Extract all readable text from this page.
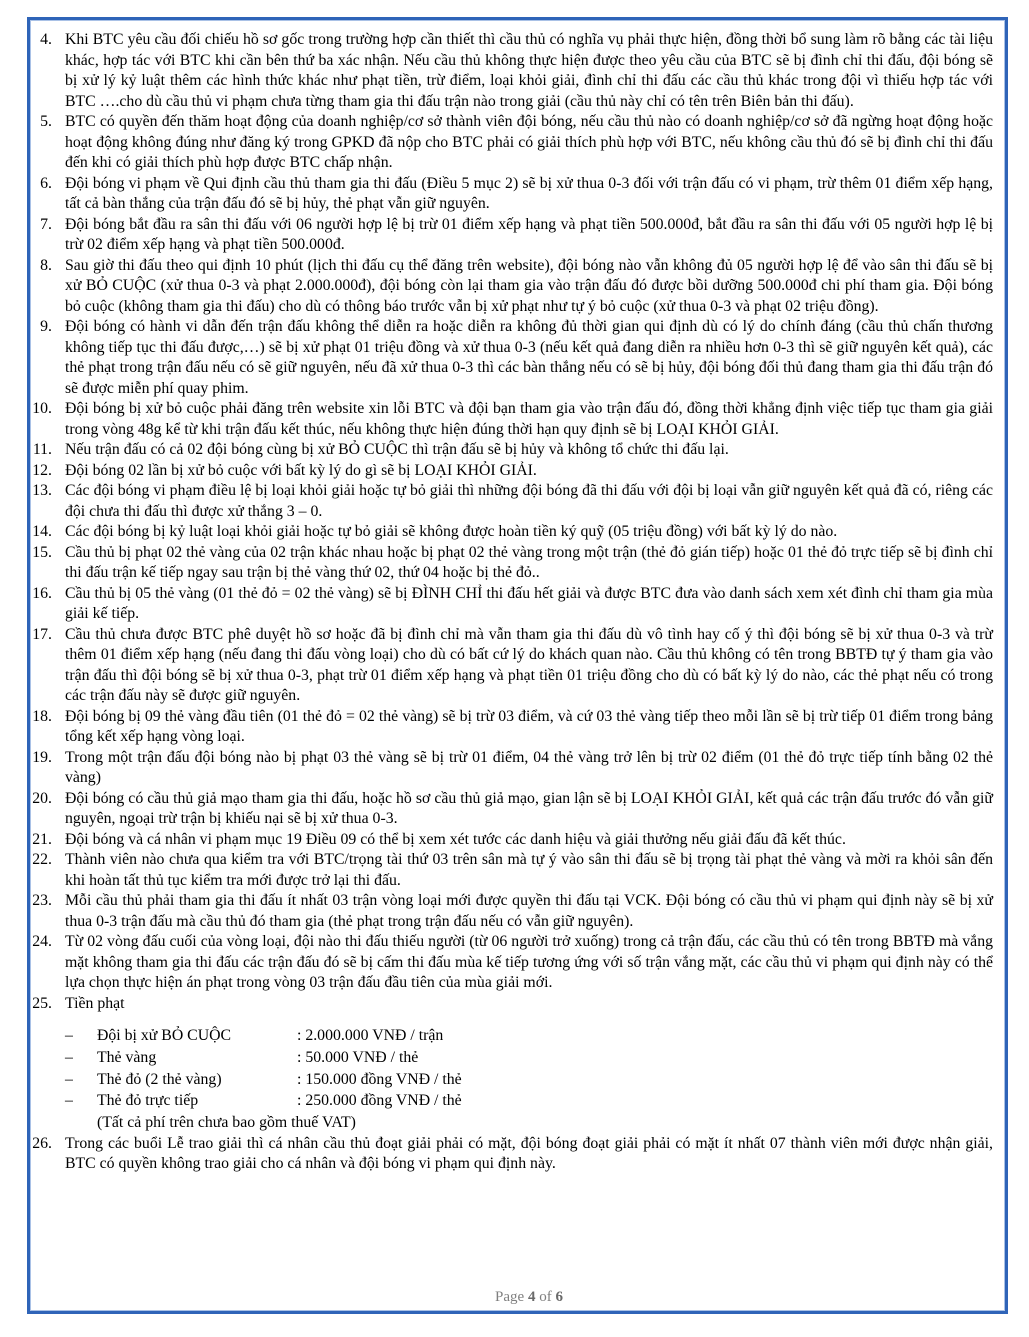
4. Khi BTC yêu cầu đối chiếu hồ sơ gốc trong trường hợp cần thiết thì cầu thủ có nghĩa vụ phải thực hiện, đồng thời bổ sung làm rõ bằng các tài liệu khác, hợp tác với BTC khi cần bên thứ ba xác nhận. Nếu cầu thủ không thực hiện được theo yêu cầu của BTC sẽ bị đình chỉ thi đấu, đội bóng sẽ bị xử lý kỷ luật thêm các hình thức khác như phạt tiền, trừ điểm, loại khỏi giải, đình chỉ thi đấu các cầu thủ khác trong đội vì thiếu hợp tác với BTC ….cho dù cầu thủ vi phạm chưa từng tham gia thi đấu trận nào trong giải (cầu thủ này chỉ có tên trên Biên bản thi đấu).
5. BTC có quyền đến thăm hoạt động của doanh nghiệp/cơ sở thành viên đội bóng, nếu cầu thủ nào có doanh nghiệp/cơ sở đã ngừng hoạt động hoặc hoạt động không đúng như đăng ký trong GPKD đã nộp cho BTC phải có giải thích phù hợp với BTC, nếu không cầu thủ đó sẽ bị đình chỉ thi đấu đến khi có giải thích phù hợp được BTC chấp nhận.
6. Đội bóng vi phạm về Qui định cầu thủ tham gia thi đấu (Điều 5 mục 2) sẽ bị xử thua 0-3 đối với trận đấu có vi phạm, trừ thêm 01 điểm xếp hạng, tất cả bàn thắng của trận đấu đó sẽ bị hủy, thẻ phạt vẫn giữ nguyên.
7. Đội bóng bắt đầu ra sân thi đấu với 06 người hợp lệ bị trừ 01 điểm xếp hạng và phạt tiền 500.000đ, bắt đầu ra sân thi đấu với 05 người hợp lệ bị trừ 02 điểm xếp hạng và phạt tiền 500.000đ.
8. Sau giờ thi đấu theo qui định 10 phút (lịch thi đấu cụ thể đăng trên website), đội bóng nào vẫn không đủ 05 người hợp lệ để vào sân thi đấu sẽ bị xử BỎ CUỘC (xử thua 0-3 và phạt 2.000.000đ), đội bóng còn lại tham gia vào trận đấu đó được bồi dưỡng 500.000đ chi phí tham gia. Đội bóng bỏ cuộc (không tham gia thi đấu) cho dù có thông báo trước vẫn bị xử phạt như tự ý bỏ cuộc (xử thua 0-3 và phạt 02 triệu đồng).
9. Đội bóng có hành vi dẫn đến trận đấu không thể diễn ra hoặc diễn ra không đủ thời gian qui định dù có lý do chính đáng (cầu thủ chấn thương không tiếp tục thi đấu được,…) sẽ bị xử phạt 01 triệu đồng và xử thua 0-3 (nếu kết quả đang diễn ra nhiều hơn 0-3 thì sẽ giữ nguyên kết quả), các thẻ phạt trong trận đấu nếu có sẽ giữ nguyên, nếu đã xử thua 0-3 thì các bàn thắng nếu có sẽ bị hủy, đội bóng đối thủ đang tham gia thi đấu trận đó sẽ được miễn phí quay phim.
10. Đội bóng bị xử bỏ cuộc phải đăng trên website xin lỗi BTC và đội bạn tham gia vào trận đấu đó, đồng thời khẳng định việc tiếp tục tham gia giải trong vòng 48g kể từ khi trận đấu kết thúc, nếu không thực hiện đúng thời hạn quy định sẽ bị LOẠI KHỎI GIẢI.
11. Nếu trận đấu có cả 02 đội bóng cùng bị xử BỎ CUỘC thì trận đấu sẽ bị hủy và không tổ chức thi đấu lại.
12. Đội bóng 02 lần bị xử bỏ cuộc với bất kỳ lý do gì sẽ bị LOẠI KHỎI GIẢI.
13. Các đội bóng vi phạm điều lệ bị loại khỏi giải hoặc tự bỏ giải thì những đội bóng đã thi đấu với đội bị loại vẫn giữ nguyên kết quả đã có, riêng các đội chưa thi đấu thì được xử thắng 3 – 0.
14. Các đội bóng bị kỷ luật loại khỏi giải hoặc tự bỏ giải sẽ không được hoàn tiền ký quỹ (05 triệu đồng) với bất kỳ lý do nào.
15. Cầu thủ bị phạt 02 thẻ vàng của 02 trận khác nhau hoặc bị phạt 02 thẻ vàng trong một trận (thẻ đỏ gián tiếp) hoặc 01 thẻ đỏ trực tiếp sẽ bị đình chỉ thi đấu trận kế tiếp ngay sau trận bị thẻ vàng thứ 02, thứ 04 hoặc bị thẻ đỏ..
16. Cầu thủ bị 05 thẻ vàng (01 thẻ đỏ = 02 thẻ vàng) sẽ bị ĐÌNH CHỈ thi đấu hết giải và được BTC đưa vào danh sách xem xét đình chỉ tham gia mùa giải kế tiếp.
17. Cầu thủ chưa được BTC phê duyệt hồ sơ hoặc đã bị đình chỉ mà vẫn tham gia thi đấu dù vô tình hay cố ý thì đội bóng sẽ bị xử thua 0-3 và trừ thêm 01 điểm xếp hạng (nếu đang thi đấu vòng loại) cho dù có bất cứ lý do khách quan nào. Cầu thủ không có tên trong BBTĐ tự ý tham gia vào trận đấu thì đội bóng sẽ bị xử thua 0-3, phạt trừ 01 điểm xếp hạng và phạt tiền 01 triệu đồng cho dù có bất kỳ lý do nào, các thẻ phạt nếu có trong các trận đấu này sẽ được giữ nguyên.
18. Đội bóng bị 09 thẻ vàng đầu tiên (01 thẻ đỏ = 02 thẻ vàng) sẽ bị trừ 03 điểm, và cứ 03 thẻ vàng tiếp theo mỗi lần sẽ bị trừ tiếp 01 điểm trong bảng tổng kết xếp hạng vòng loại.
19. Trong một trận đấu đội bóng nào bị phạt 03 thẻ vàng sẽ bị trừ 01 điểm, 04 thẻ vàng trở lên bị trừ 02 điểm (01 thẻ đỏ trực tiếp tính bằng 02 thẻ vàng)
20. Đội bóng có cầu thủ giả mạo tham gia thi đấu, hoặc hồ sơ cầu thủ giả mạo, gian lận sẽ bị LOẠI KHỎI GIẢI, kết quả các trận đấu trước đó vẫn giữ nguyên, ngoại trừ trận bị khiếu nại sẽ bị xử thua 0-3.
21. Đội bóng và cá nhân vi phạm mục 19 Điều 09 có thể bị xem xét tước các danh hiệu và giải thưởng nếu giải đấu đã kết thúc.
22. Thành viên nào chưa qua kiểm tra với BTC/trọng tài thứ 03 trên sân mà tự ý vào sân thi đấu sẽ bị trọng tài phạt thẻ vàng và mời ra khỏi sân đến khi hoàn tất thủ tục kiểm tra mới được trở lại thi đấu.
23. Mỗi cầu thủ phải tham gia thi đấu ít nhất 03 trận vòng loại mới được quyền thi đấu tại VCK. Đội bóng có cầu thủ vi phạm qui định này sẽ bị xử thua 0-3 trận đấu mà cầu thủ đó tham gia (thẻ phạt trong trận đấu nếu có vẫn giữ nguyên).
24. Từ 02 vòng đấu cuối của vòng loại, đội nào thi đấu thiếu người (từ 06 người trở xuống) trong cả trận đấu, các cầu thủ có tên trong BBTĐ mà vắng mặt không tham gia thi đấu các trận đấu đó sẽ bị cấm thi đấu mùa kế tiếp tương ứng với số trận vắng mặt, các cầu thủ vi phạm qui định này có thể lựa chọn thực hiện án phạt trong vòng 03 trận đấu đầu tiên của mùa giải mới.
25. Tiền phạt
–	Đội bị xử BỎ CUỘC	: 2.000.000 VNĐ / trận
–	Thẻ vàng	: 50.000 VNĐ / thẻ
–	Thẻ đỏ (2 thẻ vàng)	: 150.000 đồng VNĐ / thẻ
–	Thẻ đỏ trực tiếp	: 250.000 đồng VNĐ / thẻ
(Tất cả phí trên chưa bao gồm thuế VAT)
26. Trong các buổi Lễ trao giải thì cá nhân cầu thủ đoạt giải phải có mặt, đội bóng đoạt giải phải có mặt ít nhất 07 thành viên mới được nhận giải, BTC có quyền không trao giải cho cá nhân và đội bóng vi phạm qui định này.
Page 4 of 6
